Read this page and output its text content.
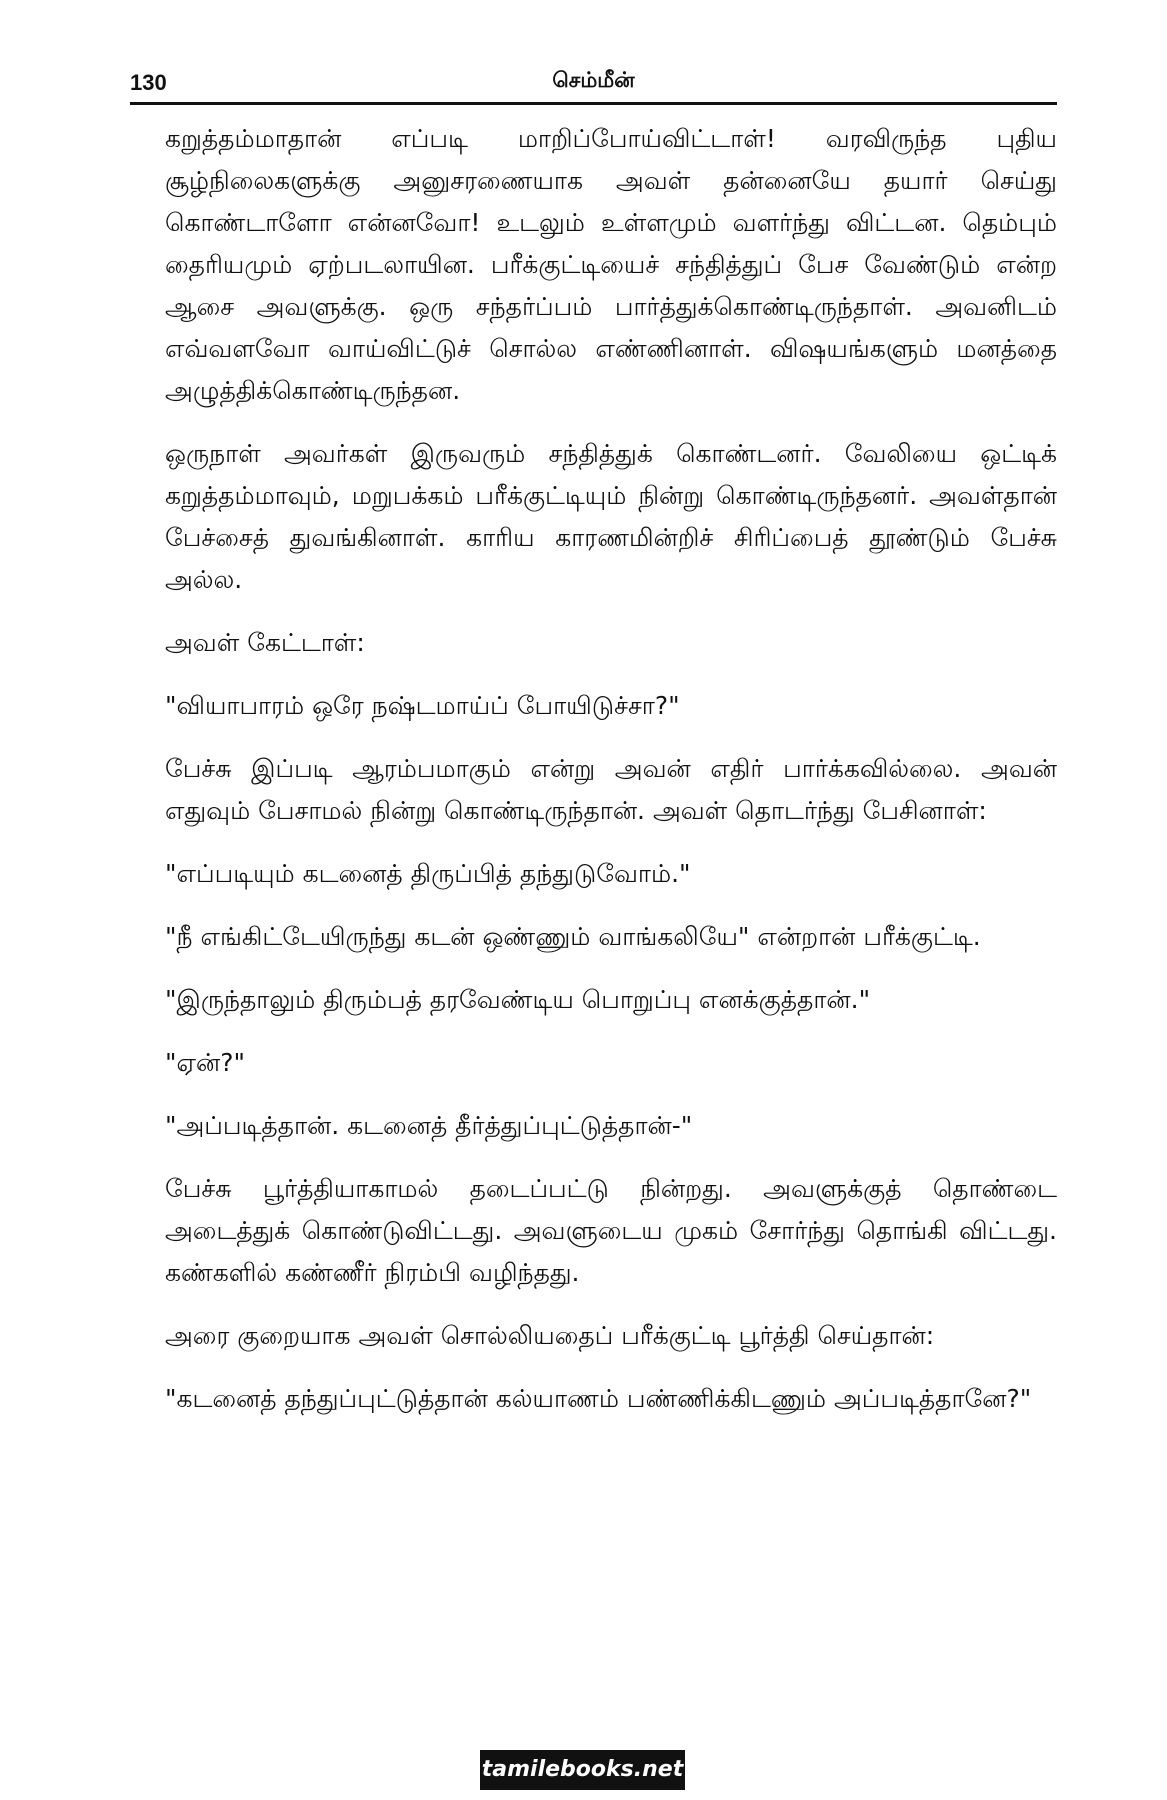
130	செம்மீன்

கறுத்தம்மாதான் எப்படி மாறிப்போய்விட்டாள்! வரவிருந்த புதிய சூழ்நிலைகளுக்கு அனுசரணையாக அவள் தன்னையே தயார் செய்து கொண்டாளோ என்னவோ! உடலும் உள்ளமும் வளர்ந்து விட்டன. தெம்பும் தைரியமும் ஏற்படலாயின. பரீக்குட்டியைச் சந்தித்துப் பேச வேண்டும் என்ற ஆசை அவளுக்கு. ஒரு சந்தர்ப்பம் பார்த்துக்கொண்டிருந்தாள். அவனிடம் எவ்வளவோ வாய்விட்டுச் சொல்ல எண்ணினாள். விஷயங்களும் மனத்தை அழுத்திக்கொண்டிருந்தன.

ஒருநாள் அவர்கள் இருவரும் சந்தித்துக் கொண்டனர். வேலியை ஒட்டிக் கறுத்தம்மாவும், மறுபக்கம் பரீக்குட்டியும் நின்று கொண்டிருந்தனர். அவள்தான் பேச்சைத் துவங்கினாள். காரிய காரணமின்றிச் சிரிப்பைத் தூண்டும் பேச்சு அல்ல.

அவள் கேட்டாள்:

"வியாபாரம் ஒரே நஷ்டமாய்ப் போயிடுச்சா?"

பேச்சு இப்படி ஆரம்பமாகும் என்று அவன் எதிர் பார்க்கவில்லை. அவன் எதுவும் பேசாமல் நின்று கொண்டிருந்தான். அவள் தொடர்ந்து பேசினாள்:

"எப்படியும் கடனைத் திருப்பித் தந்துடுவோம்."

"நீ எங்கிட்டேயிருந்து கடன் ஒண்ணும் வாங்கலியே" என்றான் பரீக்குட்டி.

"இருந்தாலும் திரும்பத் தரவேண்டிய பொறுப்பு எனக்குத்தான்."

"ஏன்?"

"அப்படித்தான். கடனைத் தீர்த்துப்புட்டுத்தான்-"

பேச்சு பூர்த்தியாகாமல் தடைப்பட்டு நின்றது. அவளுக்குத் தொண்டை அடைத்துக் கொண்டுவிட்டது. அவளுடைய முகம் சோர்ந்து தொங்கி விட்டது. கண்களில் கண்ணீர் நிரம்பி வழிந்தது.

அரை குறையாக அவள் சொல்லியதைப் பரீக்குட்டி பூர்த்தி செய்தான்:

"கடனைத் தந்துப்புட்டுத்தான் கல்யாணம் பண்ணிக்கிடணும் அப்படித்தானே?"

tamilebooks.net
